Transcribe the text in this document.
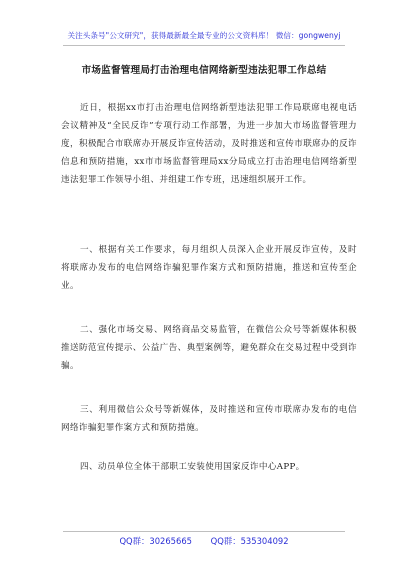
关注头条号"公文研究"，获得最新最全最专业的公文资料库！ 微信：gongwenyj
市场监督管理局打击治理电信网络新型违法犯罪工作总结
近日，根据xx市打击治理电信网络新型违法犯罪工作局联席电视电话会议精神及“全民反诈”专项行动工作部署，为进一步加大市场监督管理力度，积极配合市联席办开展反诈宣传活动，及时推送和宣传市联席办的反诈信息和预防措施，xx市市场监督管理局xx分局成立打击治理电信网络新型违法犯罪工作领导小组、并组建工作专班，迅速组织展开工作。
一、根据有关工作要求，每月组织人员深入企业开展反诈宣传，及时将联席办发布的电信网络诈骗犯罪作案方式和预防措施，推送和宣传至企业。
二、强化市场交易、网络商品交易监管，在微信公众号等新媒体积极推送防范宣传提示、公益广告、典型案例等，避免群众在交易过程中受到诈骗。
三、利用微信公众号等新媒体，及时推送和宣传市联席办发布的电信网络诈骗犯罪作案方式和预防措施。
四、动员单位全体干部职工安装使用国家反诈中心APP。
QQ群：30265665 QQ群：535304092
